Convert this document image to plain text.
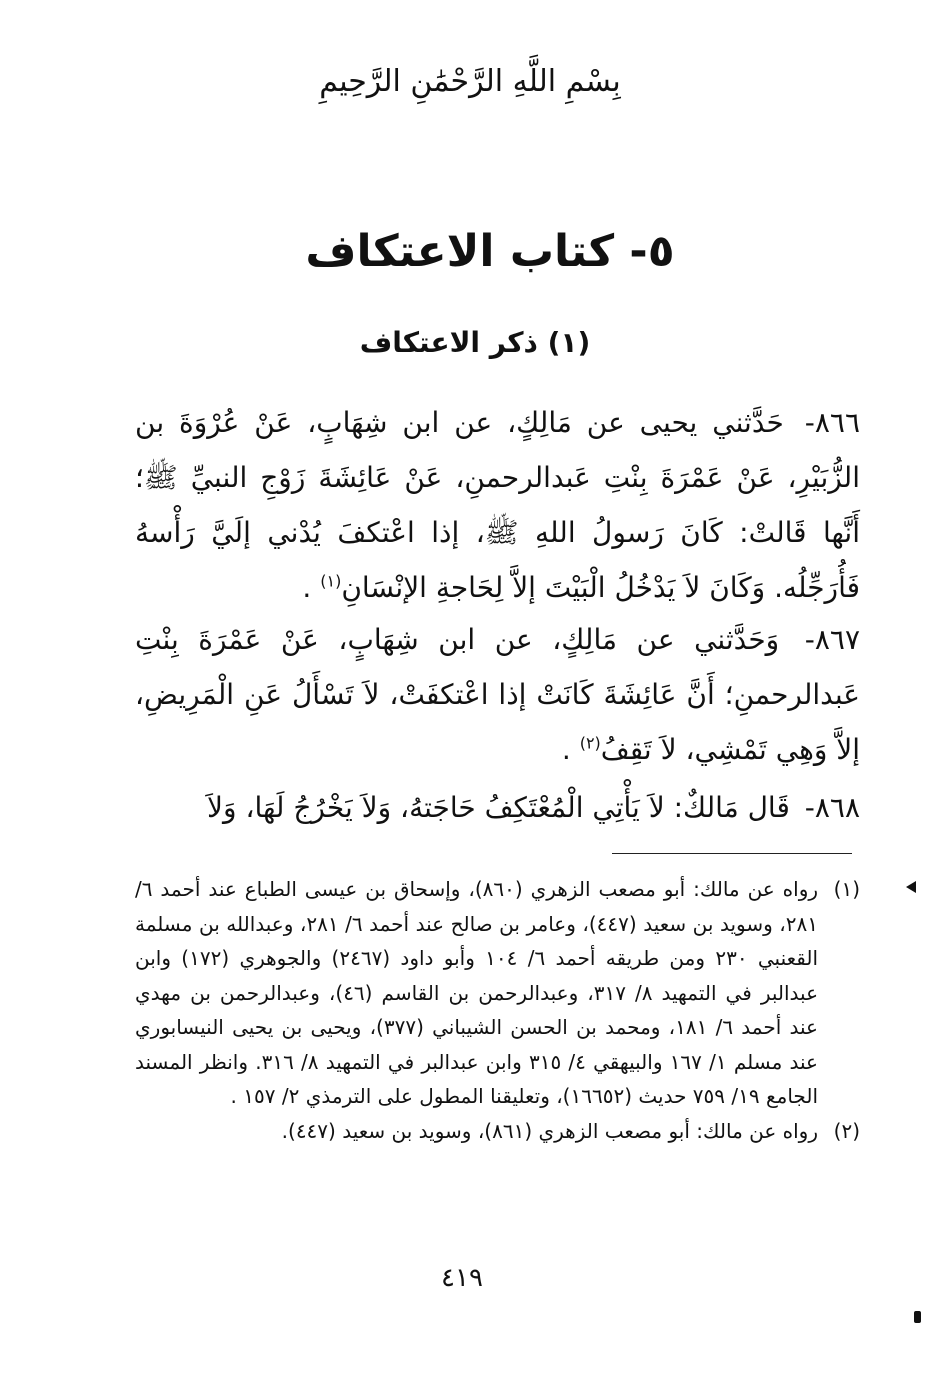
بِسْمِ اللَّهِ الرَّحْمَٰنِ الرَّحِيمِ
٥- كتاب الاعتكاف
(١) ذكر الاعتكاف
٨٦٦- حَدَّثني يحيى عن مَالِكٍ، عن ابن شِهَابٍ، عَنْ عُرْوَةَ بن الزُّبَيْرِ، عَنْ عَمْرَةَ بِنْتِ عَبدالرحمنِ، عَنْ عَائِشَةَ زَوْجِ النبيِّ ﷺ؛ أَنَّها قَالتْ: كَانَ رَسولُ اللهِ ﷺ، إذا اعْتكفَ يُدْني إلَيَّ رَأْسهُ فَأُرَجِّلُه. وَكَانَ لاَ يَدْخُلُ الْبَيْتَ إلاَّ لِحَاجةِ الإنْسَانِ$^{(١)}$ .
٨٦٧- وَحَدَّثني عن مَالِكٍ، عن ابن شِهَابٍ، عَنْ عَمْرَةَ بِنْتِ عَبدالرحمنِ؛ أَنَّ عَائِشَةَ كَانَتْ إذا اعْتكفَتْ، لاَ تَسْأَلُ عَنِ الْمَرِيضِ، إلاَّ وَهِي تَمْشِي، لاَ تَقِفُ$^{(٢)}$ .
٨٦٨- قَال مَالكٌ: لاَ يَأْتِي الْمُعْتَكِفُ حَاجَتهُ، وَلاَ يَخْرُجُ لَهَا، وَلاَ
(١)
رواه عن مالك: أبو مصعب الزهري (٨٦٠)، وإسحاق بن عيسى الطباع عند أحمد ٦/ ٢٨١، وسويد بن سعيد (٤٤٧)، وعامر بن صالح عند أحمد ٦/ ٢٨١، وعبدالله بن مسلمة القعنبي ٢٣٠ ومن طريقه أحمد ٦/ ١٠٤ وأبو داود (٢٤٦٧) والجوهري (١٧٢) وابن عبدالبر في التمهيد ٨/ ٣١٧، وعبدالرحمن بن القاسم (٤٦)، وعبدالرحمن بن مهدي عند أحمد ٦/ ١٨١، ومحمد بن الحسن الشيباني (٣٧٧)، ويحيى بن يحيى النيسابوري عند مسلم ١/ ١٦٧ والبيهقي ٤/ ٣١٥ وابن عبدالبر في التمهيد ٨/ ٣١٦. وانظر المسند الجامع ١٩/ ٧٥٩ حديث (١٦٦٥٢)، وتعليقنا المطول على الترمذي ٢/ ١٥٧ .
(٢)
رواه عن مالك: أبو مصعب الزهري (٨٦١)، وسويد بن سعيد (٤٤٧).
٤١٩
